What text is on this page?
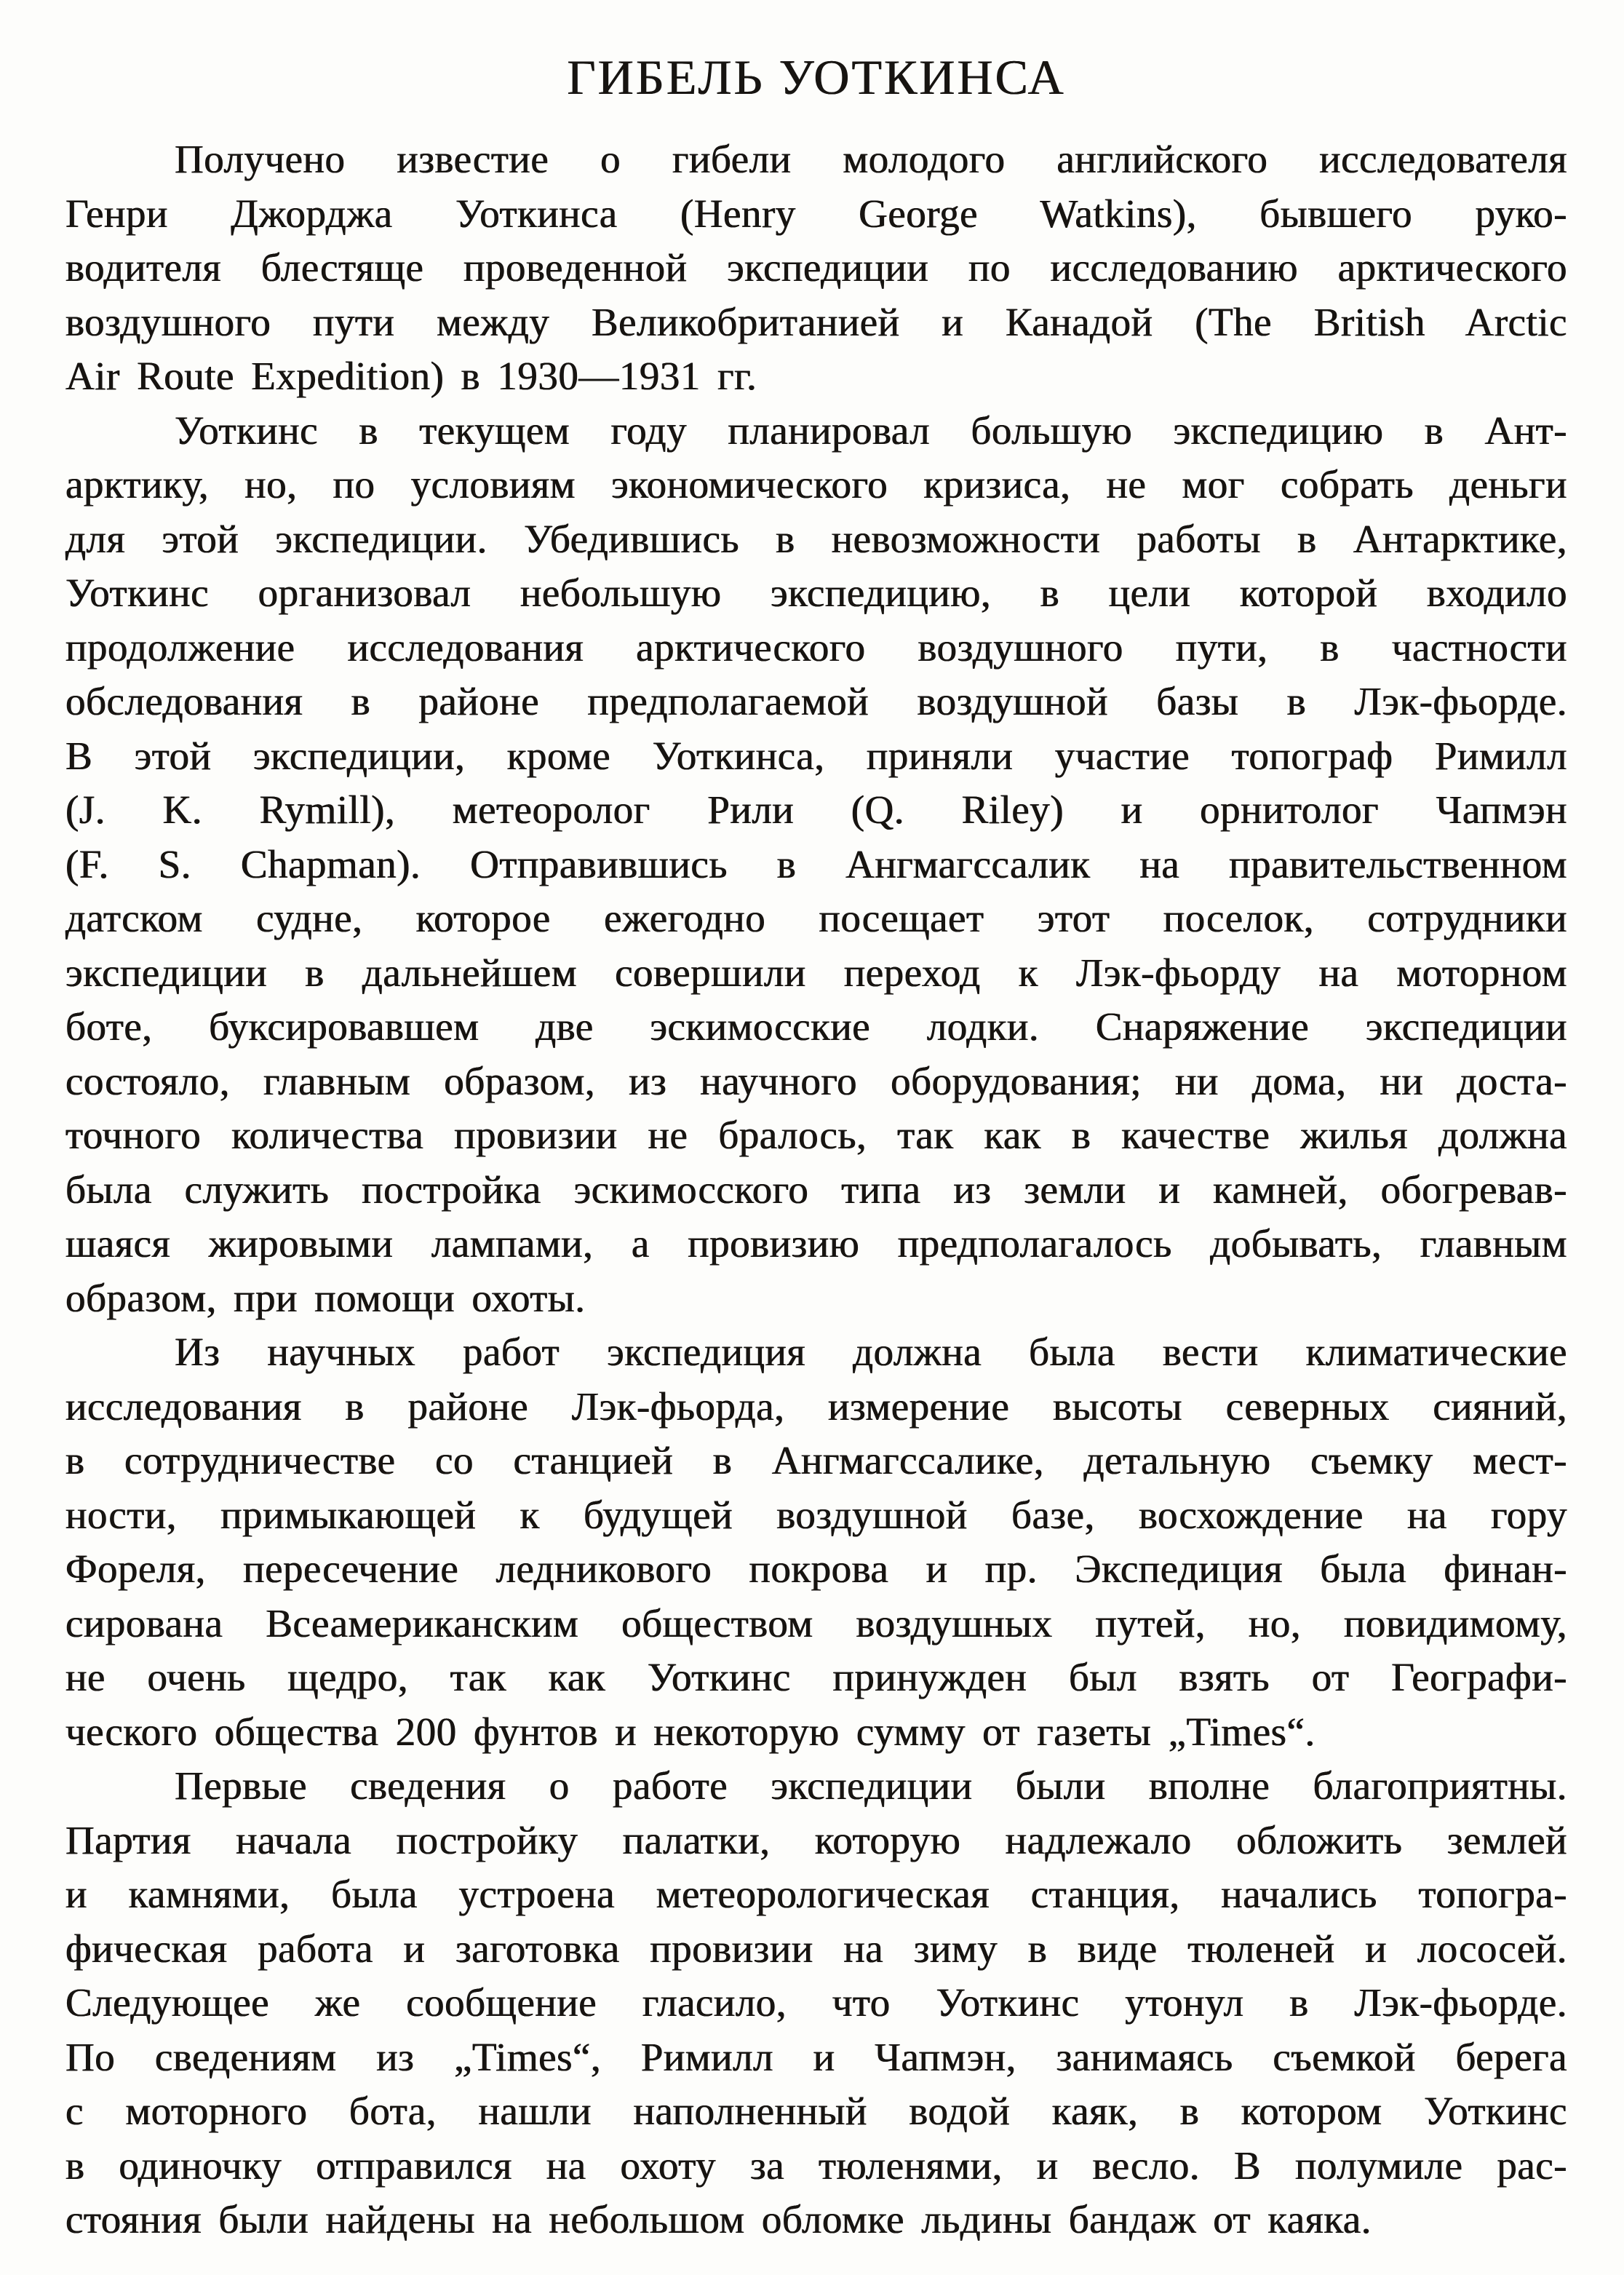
ГИБЕЛЬ УОТКИНСА
Получено известие о гибели молодого английского исследователя
Генри Джорджа Уоткинса (Henry George Watkins), бывшего руко-
водителя блестяще проведенной экспедиции по исследованию арктического
воздушного пути между Великобританией и Канадой (The British Arctic
Air Route Expedition) в 1930—1931 гг.
Уоткинс в текущем году планировал большую экспедицию в Ант-
арктику, но, по условиям экономического кризиса, не мог собрать деньги
для этой экспедиции. Убедившись в невозможности работы в Антарктике,
Уоткинс организовал небольшую экспедицию, в цели которой входило
продолжение исследования арктического воздушного пути, в частности
обследования в районе предполагаемой воздушной базы в Лэк-фьорде.
В этой экспедиции, кроме Уоткинса, приняли участие топограф Римилл
(J. K. Rymill), метеоролог Рили (Q. Riley) и орнитолог Чапмэн
(F. S. Chapman). Отправившись в Ангмагссалик на правительственном
датском судне, которое ежегодно посещает этот поселок, сотрудники
экспедиции в дальнейшем совершили переход к Лэк-фьорду на моторном
боте, буксировавшем две эскимосские лодки. Снаряжение экспедиции
состояло, главным образом, из научного оборудования; ни дома, ни доста-
точного количества провизии не бралось, так как в качестве жилья должна
была служить постройка эскимосского типа из земли и камней, обогревав-
шаяся жировыми лампами, а провизию предполагалось добывать, главным
образом, при помощи охоты.
Из научных работ экспедиция должна была вести климатические
исследования в районе Лэк-фьорда, измерение высоты северных сияний,
в сотрудничестве со станцией в Ангмагссалике, детальную съемку мест-
ности, примыкающей к будущей воздушной базе, восхождение на гору
Фореля, пересечение ледникового покрова и пр. Экспедиция была финан-
сирована Всеамериканским обществом воздушных путей, но, повидимому,
не очень щедро, так как Уоткинс принужден был взять от Географи-
ческого общества 200 фунтов и некоторую сумму от газеты „Times“.
Первые сведения о работе экспедиции были вполне благоприятны.
Партия начала постройку палатки, которую надлежало обложить землей
и камнями, была устроена метеорологическая станция, начались топогра-
фическая работа и заготовка провизии на зиму в виде тюленей и лососей.
Следующее же сообщение гласило, что Уоткинс утонул в Лэк-фьорде.
По сведениям из „Times“, Римилл и Чапмэн, занимаясь съемкой берега
с моторного бота, нашли наполненный водой каяк, в котором Уоткинс
в одиночку отправился на охоту за тюленями, и весло. В полумиле рас-
стояния были найдены на небольшом обломке льдины бандаж от каяка.
